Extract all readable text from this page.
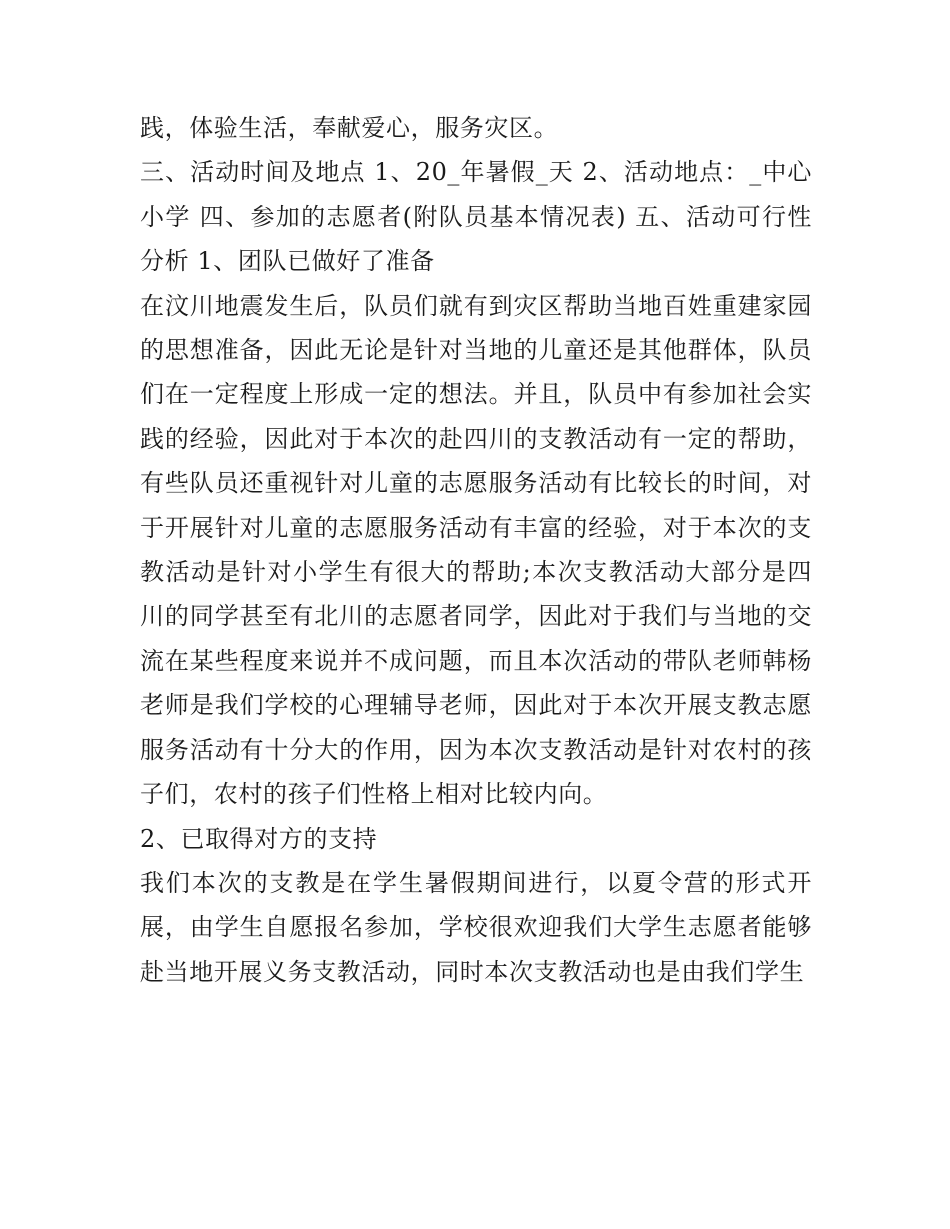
践，体验生活，奉献爱心，服务灾区。

三、活动时间及地点 1、20_年暑假_天 2、活动地点：_中心小学 四、参加的志愿者(附队员基本情况表) 五、活动可行性分析 1、团队已做好了准备

在汶川地震发生后，队员们就有到灾区帮助当地百姓重建家园的思想准备，因此无论是针对当地的儿童还是其他群体，队员们在一定程度上形成一定的想法。并且，队员中有参加社会实践的经验，因此对于本次的赴四川的支教活动有一定的帮助，有些队员还重视针对儿童的志愿服务活动有比较长的时间，对于开展针对儿童的志愿服务活动有丰富的经验，对于本次的支教活动是针对小学生有很大的帮助;本次支教活动大部分是四川的同学甚至有北川的志愿者同学，因此对于我们与当地的交流在某些程度来说并不成问题，而且本次活动的带队老师韩杨老师是我们学校的心理辅导老师，因此对于本次开展支教志愿服务活动有十分大的作用，因为本次支教活动是针对农村的孩子们，农村的孩子们性格上相对比较内向。

2、已取得对方的支持

我们本次的支教是在学生暑假期间进行，以夏令营的形式开展，由学生自愿报名参加，学校很欢迎我们大学生志愿者能够赴当地开展义务支教活动，同时本次支教活动也是由我们学生
